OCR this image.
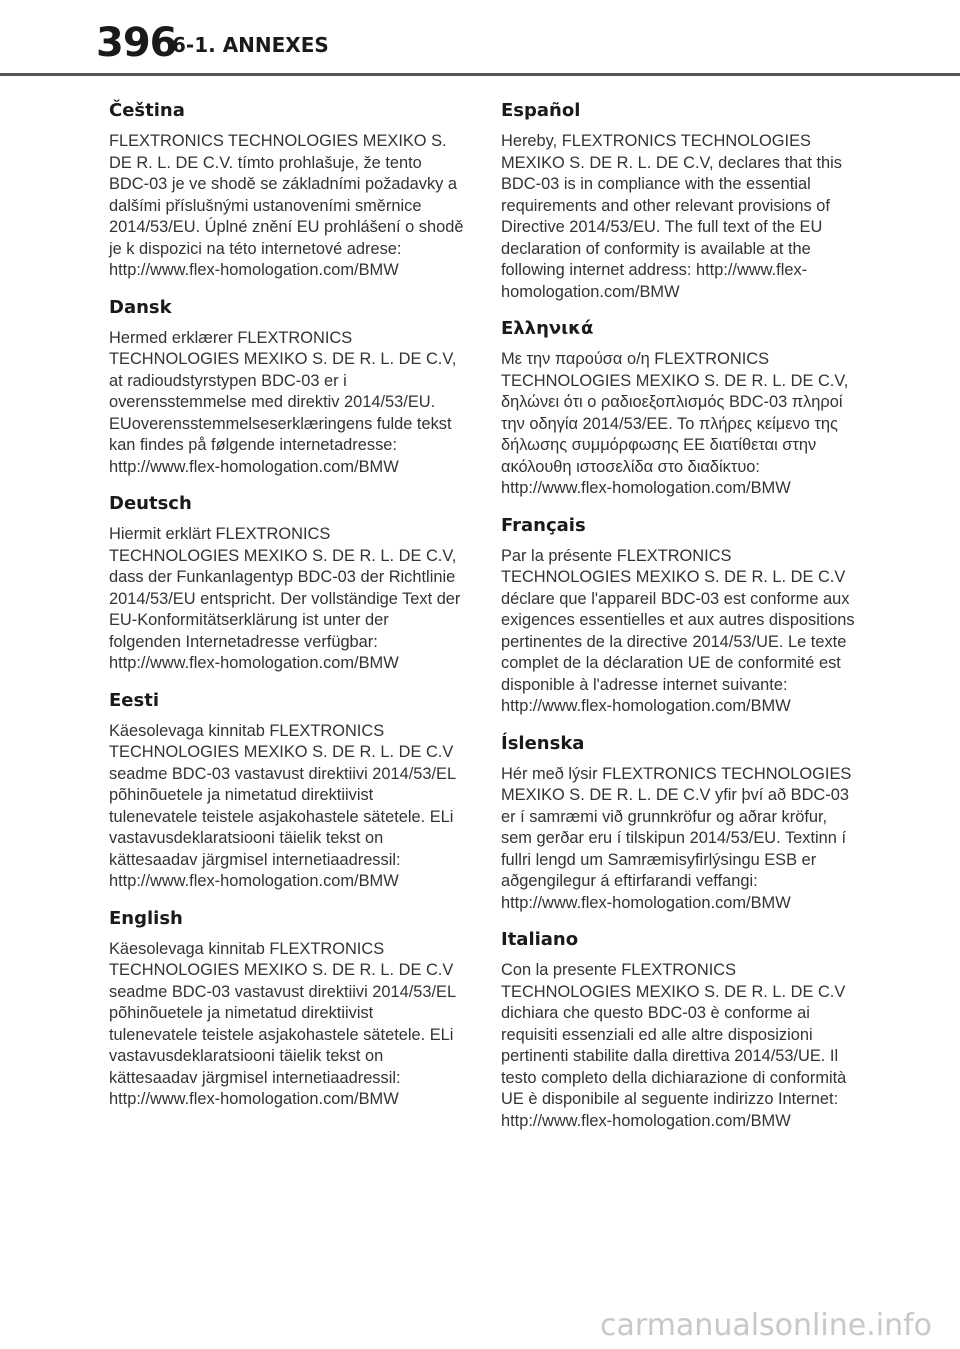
396
6-1. ANNEXES
Čeština

FLEXTRONICS TECHNOLOGIES MEXIKO S. DE R. L. DE C.V. tímto prohlašuje, že tento BDC-03 je ve shodě se základními požadavky a dalšími příslušnými ustanoveními směrnice 2014/53/EU. Úplné znění EU prohlášení o shodě je k dispozici na této internetové adrese: http://www.flex-homologation.com/BMW

Dansk

Hermed erklærer FLEXTRONICS TECHNOLOGIES MEXIKO S. DE R. L. DE C.V, at radioudstyrstypen BDC-03 er i overensstemmelse med direktiv 2014/53/EU. EUoverensstemmelseserklæringens fulde tekst kan findes på følgende internetadresse: http://www.flex-homologation.com/BMW

Deutsch

Hiermit erklärt FLEXTRONICS TECHNOLOGIES MEXIKO S. DE R. L. DE C.V, dass der Funkanlagentyp BDC-03 der Richtlinie 2014/53/EU entspricht. Der vollständige Text der EU-Konformitätserklärung ist unter der folgenden Internetadresse verfügbar: http://www.flex-homologation.com/BMW

Eesti

Käesolevaga kinnitab FLEXTRONICS TECHNOLOGIES MEXIKO S. DE R. L. DE C.V seadme BDC-03 vastavust direktiivi 2014/53/EL põhinõuetele ja nimetatud direktiivist tulenevatele teistele asjakohastele sätetele. ELi vastavusdeklaratsiooni täielik tekst on kättesaadav järgmisel internetiaadressil: http://www.flex-homologation.com/BMW

English

Käesolevaga kinnitab FLEXTRONICS TECHNOLOGIES MEXIKO S. DE R. L. DE C.V seadme BDC-03 vastavust direktiivi 2014/53/EL põhinõuetele ja nimetatud direktiivist tulenevatele teistele asjakohastele sätetele. ELi vastavusdeklaratsiooni täielik tekst on kättesaadav järgmisel internetiaadressil: http://www.flex-homologation.com/BMW

Español

Hereby, FLEXTRONICS TECHNOLOGIES MEXIKO S. DE R. L. DE C.V, declares that this BDC-03 is in compliance with the essential requirements and other relevant provisions of Directive 2014/53/EU. The full text of the EU declaration of conformity is available at the following internet address: http://www.flex-homologation.com/BMW

Ελληνικά

Με την παρούσα ο/η FLEXTRONICS TECHNOLOGIES MEXIKO S. DE R. L. DE C.V, δηλώνει ότι ο ραδιοεξοπλισμός BDC-03 πληροί την οδηγία 2014/53/ΕΕ. Το πλήρες κείμενο της δήλωσης συμμόρφωσης ΕΕ διατίθεται στην ακόλουθη ιστοσελίδα στο διαδίκτυο: http://www.flex-homologation.com/BMW

Français

Par la présente FLEXTRONICS TECHNOLOGIES MEXIKO S. DE R. L. DE C.V déclare que l'appareil BDC-03 est conforme aux exigences essentielles et aux autres dispositions pertinentes de la directive 2014/53/UE. Le texte complet de la déclaration UE de conformité est disponible à l'adresse internet suivante: http://www.flex-homologation.com/BMW

Íslenska

Hér með lýsir FLEXTRONICS TECHNOLOGIES MEXIKO S. DE R. L. DE C.V yfir því að BDC-03 er í samræmi við grunnkröfur og aðrar kröfur, sem gerðar eru í tilskipun 2014/53/EU. Textinn í fullri lengd um Samræmisyfirlýsingu ESB er aðgengilegur á eftirfarandi veffangi: http://www.flex-homologation.com/BMW

Italiano

Con la presente FLEXTRONICS TECHNOLOGIES MEXIKO S. DE R. L. DE C.V dichiara che questo BDC-03 è conforme ai requisiti essenziali ed alle altre disposizioni pertinenti stabilite dalla direttiva 2014/53/UE. Il testo completo della dichiarazione di conformità UE è disponibile al seguente indirizzo Internet: http://www.flex-homologation.com/BMW

carmanualsonline.info
